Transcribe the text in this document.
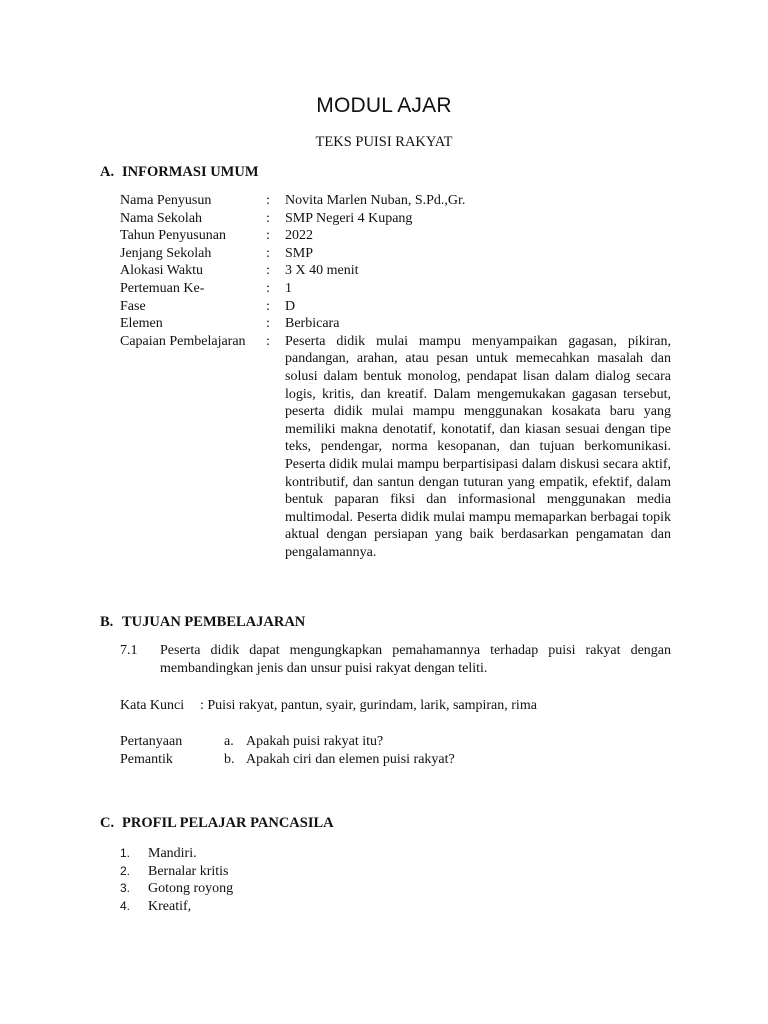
MODUL AJAR
TEKS PUISI RAKYAT
A. INFORMASI UMUM
Nama Penyusun	:	Novita Marlen Nuban, S.Pd.,Gr.
Nama Sekolah	:	SMP Negeri 4 Kupang
Tahun Penyusunan	:	2022
Jenjang Sekolah	:	SMP
Alokasi Waktu	:	3 X 40 menit
Pertemuan Ke-	:	1
Fase	:	D
Elemen	:	Berbicara
Capaian Pembelajaran	:	Peserta didik mulai mampu menyampaikan gagasan, pikiran, pandangan, arahan, atau pesan untuk memecahkan masalah dan solusi dalam bentuk monolog, pendapat lisan dalam dialog secara logis, kritis, dan kreatif. Dalam mengemukakan gagasan tersebut, peserta didik mulai mampu menggunakan kosakata baru yang memiliki makna denotatif, konotatif, dan kiasan sesuai dengan tipe teks, pendengar, norma kesopanan, dan tujuan berkomunikasi. Peserta didik mulai mampu berpartisipasi dalam diskusi secara aktif, kontributif, dan santun dengan tuturan yang empatik, efektif, dalam bentuk paparan fiksi dan informasional menggunakan media multimodal. Peserta didik mulai mampu memaparkan berbagai topik aktual dengan persiapan yang baik berdasarkan pengamatan dan pengalamannya.
B. TUJUAN PEMBELAJARAN
7.1	Peserta didik dapat mengungkapkan pemahamannya terhadap puisi rakyat dengan membandingkan jenis dan unsur puisi rakyat dengan teliti.
Kata Kunci	: Puisi rakyat, pantun, syair, gurindam, larik, sampiran, rima
Pertanyaan Pemantik
a. Apakah puisi rakyat itu?
b. Apakah ciri dan elemen puisi rakyat?
C. PROFIL PELAJAR PANCASILA
1.	Mandiri.
2.	Bernalar kritis
3.	Gotong royong
4.	Kreatif,
